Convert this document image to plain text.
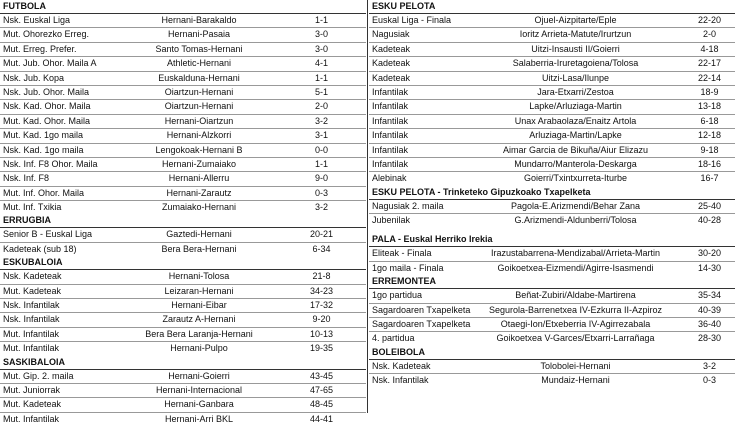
FUTBOLA
Nsk. Euskal Liga	Hernani-Barakaldo	1-1
Mut. Ohorezko Erreg.	Hernani-Pasaia	3-0
Mut. Erreg. Prefer.	Santo Tomas-Hernani	3-0
Mut. Jub. Ohor. Maila A	Athletic-Hernani	4-1
Nsk. Jub. Kopa	Euskalduna-Hernani	1-1
Nsk. Jub. Ohor. Maila	Oiartzun-Hernani	5-1
Nsk. Kad. Ohor. Maila	Oiartzun-Hernani	2-0
Mut. Kad. Ohor. Maila	Hernani-Oiartzun	3-2
Mut. Kad. 1go maila	Hernani-Alzkorri	3-1
Nsk. Kad. 1go maila	Lengokoak-Hernani B	0-0
Nsk. Inf. F8 Ohor. Maila	Hernani-Zumaiako	1-1
Nsk. Inf. F8	Hernani-Allerru	9-0
Mut. Inf. Ohor. Maila	Hernani-Zarautz	0-3
Mut. Inf. Txikia	Zumaiako-Hernani	3-2
ERRUGBIA
Senior B - Euskal Liga	Gaztedi-Hernani	20-21
Kadeteak (sub 18)	Bera Bera-Hernani	6-34
ESKUBALOIA
Nsk. Kadeteak	Hernani-Tolosa	21-8
Mut. Kadeteak	Leizaran-Hernani	34-23
Nsk. Infantilak	Hernani-Eibar	17-32
Nsk. Infantilak	Zarautz A-Hernani	9-20
Mut. Infantilak	Bera Bera Laranja-Hernani	10-13
Mut. Infantilak	Hernani-Pulpo	19-35
SASKIBALOIA
Mut. Gip. 2. maila	Hernani-Goierri	43-45
Mut. Juniorrak	Hernani-Internacional	47-65
Mut. Kadeteak	Hernani-Ganbara	48-45
Mut. Infantilak	Hernani-Arri BKL	44-41
ESKU PELOTA
Euskal Liga - Finala	Ojuel-Aizpitarte/Eple	22-20
Nagusiak	Ioritz Arrieta-Matute/Irurtzun	2-0
Kadeteak	Uitzi-Insausti II/Goierri	4-18
Kadeteak	Salaberria-Iruretagoiena/Tolosa	22-17
Kadeteak	Uitzi-Lasa/Ilunpe	22-14
Infantilak	Jara-Etxarri/Zestoa	18-9
Infantilak	Lapke/Arluziaga-Martin	13-18
Infantilak	Unax Arabaolaza/Enaitz Artola	6-18
Infantilak	Arluziaga-Martin/Lapke	12-18
Infantilak	Aimar Garcia de Bikuña/Aiur Elizazu	9-18
Infantilak	Mundarro/Manterola-Deskarga	18-16
Alebinak	Goierri/Txintxurreta-Iturbe	16-7
ESKU PELOTA - Trinketeko Gipuzkoako Txapelketa
Nagusiak 2. maila	Pagola-E.Arizmendi/Behar Zana	25-40
Jubenilak	G.Arizmendi-Aldunberri/Tolosa	40-28
PALA - Euskal Herriko Irekia
Eliteak - Finala	Irazustabarrena-Mendizabal/Arrieta-Martin	30-20
1go maila - Finala	Goikoetxea-Eizmendi/Agirre-Isasmendi	14-30
ERREMONTEA
1go partidua	Beñat-Zubiri/Aldabe-Martirena	35-34
Sagardoaren Txapelketa	Segurola-Barrenetxea IV-Ezkurra II-Azpiroz	40-39
Sagardoaren Txapelketa	Otaegi-Ion/Etxeberria IV-Agirrezabala	36-40
4. partidua	Goikoetxea V-Garces/Etxarri-Larrañaga	28-30
BOLEIBOLA
Nsk. Kadeteak	Tolobolei-Hernani	3-2
Nsk. Infantilak	Mundaiz-Hernani	0-3
